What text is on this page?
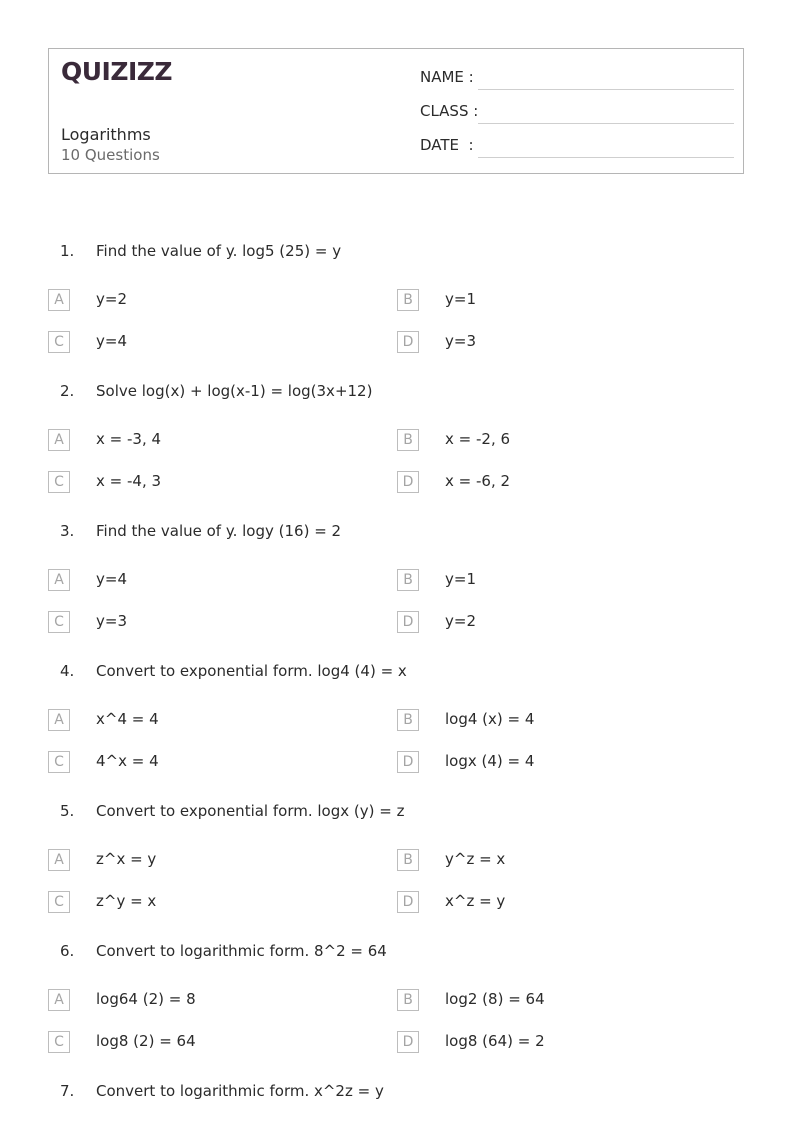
QUIZIZZ
Logarithms
10 Questions
NAME :
CLASS :
DATE  :
1. Find the value of y. log5 (25) = y
A	y=2	B	y=1
C	y=4	D	y=3
2. Solve log(x) + log(x-1) = log(3x+12)
A	x = -3, 4	B	x = -2, 6
C	x = -4, 3	D	x = -6, 2
3. Find the value of y. logy (16) = 2
A	y=4	B	y=1
C	y=3	D	y=2
4. Convert to exponential form. log4 (4) = x
A	x^4 = 4	B	log4 (x) = 4
C	4^x = 4	D	logx (4) = 4
5. Convert to exponential form. logx (y) = z
A	z^x = y	B	y^z = x
C	z^y = x	D	x^z = y
6. Convert to logarithmic form. 8^2 = 64
A	log64 (2) = 8	B	log2 (8) = 64
C	log8 (2) = 64	D	log8 (64) = 2
7. Convert to logarithmic form. x^2z = y
